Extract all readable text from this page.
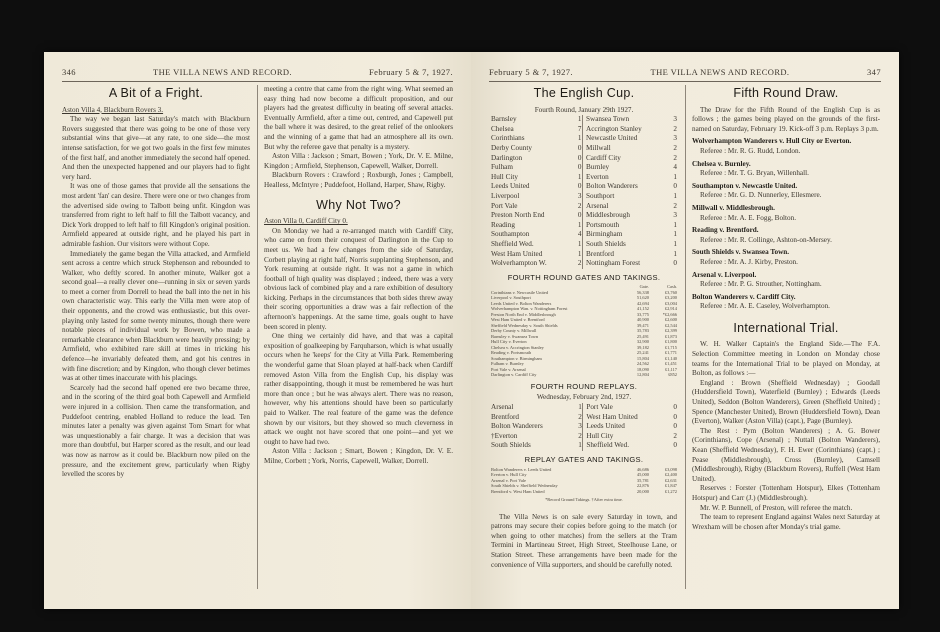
346	THE VILLA NEWS AND RECORD.	February 5 & 7, 1927.
A Bit of a Fright.

Aston Villa 4, Blackburn Rovers 3.

The way we began last Saturday's match with Blackburn Rovers suggested that there was going to be one of those very substantial wins that give—at any rate, to one side—the most intense satisfaction, for we got two goals in the first few minutes of the first half, and another immediately the second half opened. And then the unexpected happened and our players had to fight very hard.

It was one of those games that provide all the sensations the most ardent 'fan' can desire. There were one or two changes from the advertised side owing to Talbott being unfit. Kingdon was transferred from right to left half to fill the Talbott vacancy, and Dick York dropped to left half to fill Kingdon's original position. Armfield appeared at outside right, and he played his part in admirable fashion. Our visitors were without Cope.

Immediately the game began the Villa attacked, and Armfield sent across a centre which struck Stephenson and rebounded to Walker, who deftly scored. In another minute, Walker got a second goal—a really clever one—running in six or seven yards to meet a corner from Dorrell to head the ball into the net in his own characteristic way. This early the Villa men were atop of their opponents, and the crowd was enthusiastic, but this over-playing only lasted for some twenty minutes, though there were notable pieces of individual work by Bowen, who made a remarkable clearance when Blackburn were heavily pressing; by Armfield, who exhibited rare skill at times in tricking his defence—he invariably defeated them, and got his centres in with fine discretion; and by Kingdon, who though clever betimes was at other times inaccurate with his placings.

Scarcely had the second half opened ere two became three, and in the scoring of the third goal both Capewell and Armfield were injured in a collision. Then came the transformation, and Puddefoot centring, enabled Holland to reduce the lead. Ten minutes later a penalty was given against Tom Smart for what was unquestionably a fair charge. It was a decision that was more than doubtful, but Harper scored as the result, and our lead was now as narrow as it could be. Blackburn now piled on the pressure, and the excitement grew, particularly when Rigby levelled the scores by

meeting a centre that came from the right wing. What seemed an easy thing had now become a difficult proposition, and our players had the greatest difficulty in beating off several attacks. Eventually Armfield, after a time out, centred, and Capewell put the ball where it was desired, to the great relief of the onlookers and the winning of a game that had an atmosphere all its own. But why the referee gave that penalty is a mystery.

Aston Villa : Jackson ; Smart, Bowen ; York, Dr. V. E. Milne, Kingdon ; Armfield, Stephenson, Capewell, Walker, Dorrell.

Blackburn Rovers : Crawford ; Roxburgh, Jones ; Campbell, Healless, McIntyre ; Puddefoot, Holland, Harper, Shaw, Rigby.

Why Not Two?

Aston Villa 0, Cardiff City 0.

On Monday we had a re-arranged match with Cardiff City, who came on from their conquest of Darlington in the Cup to meet us. We had a few changes from the side of Saturday, Corbett playing at right half, Norris supplanting Stephenson, and York resuming at outside right. It was not a game in which football of high quality was displayed ; indeed, there was a very obvious lack of combined play and a rare exhibition of desultory kicking. Perhaps in the circumstances that both sides threw away their scoring opportunities a draw was a fair reflection of the afternoon's happenings. At the same time, goals ought to have been scored in plenty.

One thing we certainly did have, and that was a capital exposition of goalkeeping by Farquharson, which is what usually occurs when he 'keeps' for the City at Villa Park. Remembering the wonderful game that Sloan played at half-back when Cardiff removed Aston Villa from the English Cup, his display was rather disappointing, though it must be remembered he was hurt more than once ; but he was always alert. There was no reason, however, why his attentions should have been so particularly paid to Walker. The real feature of the game was the defence shown by our visitors, but they showed so much cleverness in attack we ought not have scored that one point—and yet we ought to have had two.

Aston Villa : Jackson ; Smart, Bowen ; Kingdon, Dr. V. E. Milne, Corbett ; York, Norris, Capewell, Walker, Dorrell.

February 5 & 7, 1927.	THE VILLA NEWS AND RECORD.	347
The English Cup.
Fourth Round, January 29th 1927.
Barnsley	1		Swansea Town	3
Chelsea	7		Accrington Stanley	2
Corinthians	1		Newcastle United	3
Derby County	0		Millwall	2
Darlington	0		Cardiff City	2
Fulham	0		Burnley	4
Hull City	1		Everton	1
Leeds United	0		Bolton Wanderers	0
Liverpool	3		Southport	1
Port Vale	2		Arsenal	2
Preston North End	0		Middlesbrough	3
Reading	1		Portsmouth	1
Southampton	4		Birmingham	1
Sheffield Wed.	1		South Shields	1
West Ham United	1		Brentford	1
Wolverhampton W.	2		Nottingham Forest	0
FOURTH ROUND GATES AND TAKINGS.
	Gate.	Cash.
Corinthians v. Newcastle United	56,338	£3,760
Liverpool v. Southport	51,620	£3,200
Leeds United v. Bolton Wanderers	42,694	£3,004
Wolverhampton Wan. v. Nottingham Forest	41,152	£2,914
Preston North End v. Middlesbrough	33,775	*£2,666
West Ham United v. Brentford	40,900	£2,600
Sheffield Wednesday v. South Shields	39,471	£2,544
Derby County v. Millwall	35,783	£2,399
Barnsley v. Swansea Town	25,491	£1,873
Hull City v. Everton	32,900	£1,800
Chelsea v. Accrington Stanley	39,182	£1,715
Reading v. Portsmouth	25,241	£1,771
Southampton v. Birmingham	15,804	£1,140
Fulham v. Burnley	24,562	£1,451
Port Vale v. Arsenal	18,090	£1,117
Darlington v. Cardiff City	12,804	£852
FOURTH ROUND REPLAYS.
Wednesday, February 2nd, 1927.
Arsenal	1		Port Vale	0
Brentford	2		West Ham United	0
Bolton Wanderers	3		Leeds United	0
†Everton	2		Hull City	2
South Shields	1		Sheffield Wed.	0
REPLAY GATES AND TAKINGS.
Bolton Wanderers v. Leeds United	46,686	£3,098
Everton v. Hull City	45,000	£2,400
Arsenal v. Port Vale	35,781	£2,631
South Shields v. Sheffield Wednesday	22,876	£1,847
Brentford v. West Ham United	20,000	£1,272
*Record Ground Takings. †After extra time.

The Villa News is on sale every Saturday in town, and patrons may secure their copies before going to the match (or when going to other matches) from the sellers at the Tram Termini in Martineau Street, High Street, Steelhouse Lane, or Station Street. These arrangements have been made for the convenience of Villa supporters, and should be carefully noted.

Fifth Round Draw.

The Draw for the Fifth Round of the English Cup is as follows ; the games being played on the grounds of the first-named on Saturday, February 19. Kick-off 3 p.m. Replays 3 p.m.

Wolverhampton Wanderers v. Hull City or Everton.
Referee : Mr. R. G. Rudd, London.
Chelsea v. Burnley.
Referee : Mr. T. G. Bryan, Willenhall.
Southampton v. Newcastle United.
Referee : Mr. G. D. Nunnerley, Ellesmere.
Millwall v. Middlesbrough.
Referee : Mr. A. E. Fogg, Bolton.
Reading v. Brentford.
Referee : Mr. R. Collinge, Ashton-on-Mersey.
South Shields v. Swansea Town.
Referee : Mr. A. J. Kirby, Preston.
Arsenal v. Liverpool.
Referee : Mr. P. G. Strouther, Nottingham.
Bolton Wanderers v. Cardiff City.
Referee : Mr. A. E. Caseley, Wolverhampton.
International Trial.

W. H. Walker Captain's the England Side.—The F.A. Selection Committee meeting in London on Monday chose teams for the International Trial to be played on Monday, at Bolton, as follows :—

England : Brown (Sheffield Wednesday) ; Goodall (Huddersfield Town), Waterfield (Burnley) ; Edwards (Leeds United), Seddon (Bolton Wanderers), Green (Sheffield United) ; Spence (Manchester United), Brown (Huddersfield Town), Dean (Everton), Walker (Aston Villa) (capt.), Page (Burnley).

The Rest : Pym (Bolton Wanderers) ; A. G. Bower (Corinthians), Cope (Arsenal) ; Nuttall (Bolton Wanderers), Kean (Sheffield Wednesday), F. H. Ewer (Corinthians) (capt.) ; Pease (Middlesbrough), Cross (Burnley), Camsell (Middlesbrough), Rigby (Blackburn Rovers), Ruffell (West Ham United).

Reserves : Forster (Tottenham Hotspur), Elkes (Tottenham Hotspur) and Carr (J.) (Middlesbrough).

Mr. W. P. Bunnell, of Preston, will referee the match.

The team to represent England against Wales next Saturday at Wrexham will be chosen after Monday's trial game.
